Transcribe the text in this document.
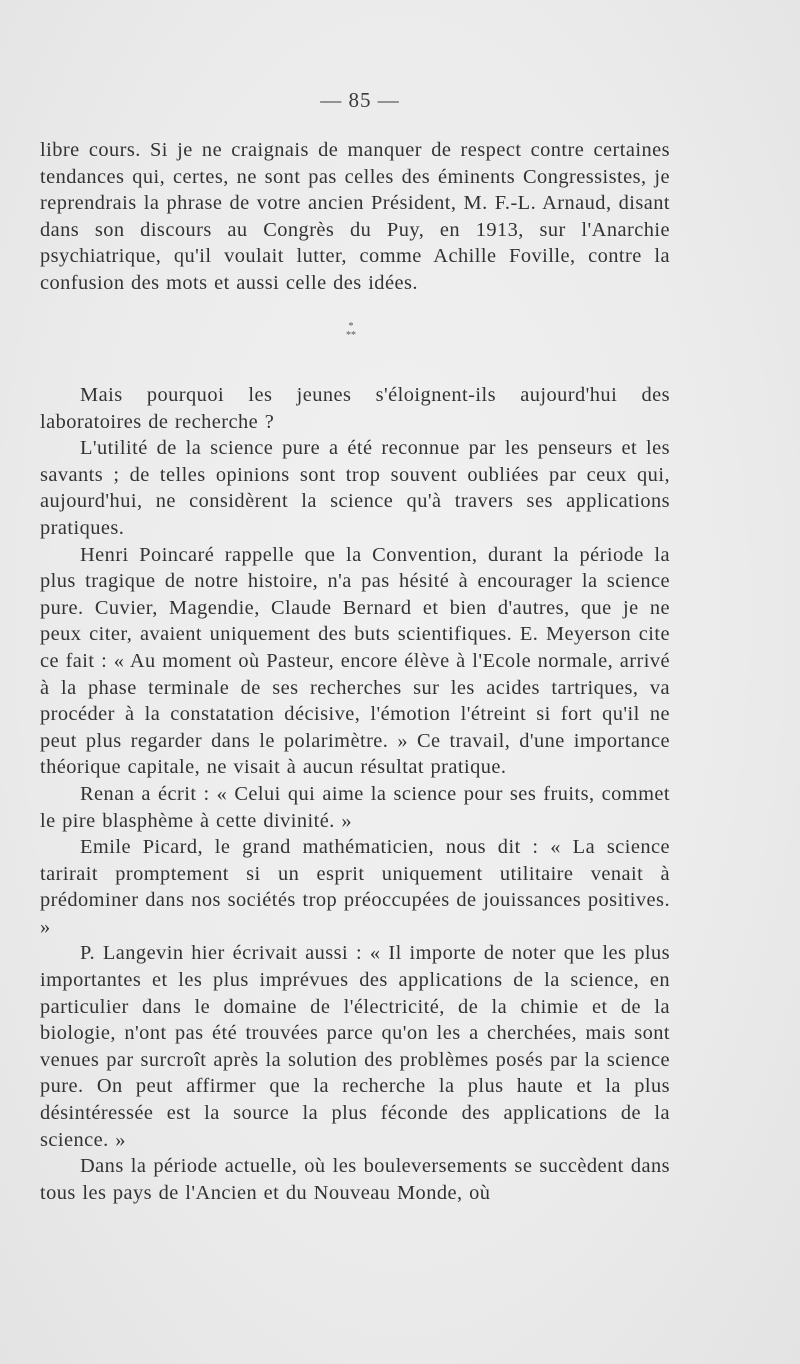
— 85 —

libre cours. Si je ne craignais de manquer de respect contre certaines tendances qui, certes, ne sont pas celles des éminents Congressistes, je reprendrais la phrase de votre ancien Président, M. F.-L. Arnaud, disant dans son discours au Congrès du Puy, en 1913, sur l'Anarchie psychiatrique, qu'il voulait lutter, comme Achille Foville, contre la confusion des mots et aussi celle des idées.

*
**

Mais pourquoi les jeunes s'éloignent-ils aujourd'hui des laboratoires de recherche ?

L'utilité de la science pure a été reconnue par les penseurs et les savants ; de telles opinions sont trop souvent oubliées par ceux qui, aujourd'hui, ne considèrent la science qu'à travers ses applications pratiques.

Henri Poincaré rappelle que la Convention, durant la période la plus tragique de notre histoire, n'a pas hésité à encourager la science pure. Cuvier, Magendie, Claude Bernard et bien d'autres, que je ne peux citer, avaient uniquement des buts scientifiques. E. Meyerson cite ce fait : « Au moment où Pasteur, encore élève à l'Ecole normale, arrivé à la phase terminale de ses recherches sur les acides tartriques, va procéder à la constatation décisive, l'émotion l'étreint si fort qu'il ne peut plus regarder dans le polarimètre. » Ce travail, d'une importance théorique capitale, ne visait à aucun résultat pratique.

Renan a écrit : « Celui qui aime la science pour ses fruits, commet le pire blasphème à cette divinité. »

Emile Picard, le grand mathématicien, nous dit : « La science tarirait promptement si un esprit uniquement utilitaire venait à prédominer dans nos sociétés trop préoccupées de jouissances positives. »

P. Langevin hier écrivait aussi : « Il importe de noter que les plus importantes et les plus imprévues des applications de la science, en particulier dans le domaine de l'électricité, de la chimie et de la biologie, n'ont pas été trouvées parce qu'on les a cherchées, mais sont venues par surcroît après la solution des problèmes posés par la science pure. On peut affirmer que la recherche la plus haute et la plus désintéressée est la source la plus féconde des applications de la science. »

Dans la période actuelle, où les bouleversements se succèdent dans tous les pays de l'Ancien et du Nouveau Monde, où
